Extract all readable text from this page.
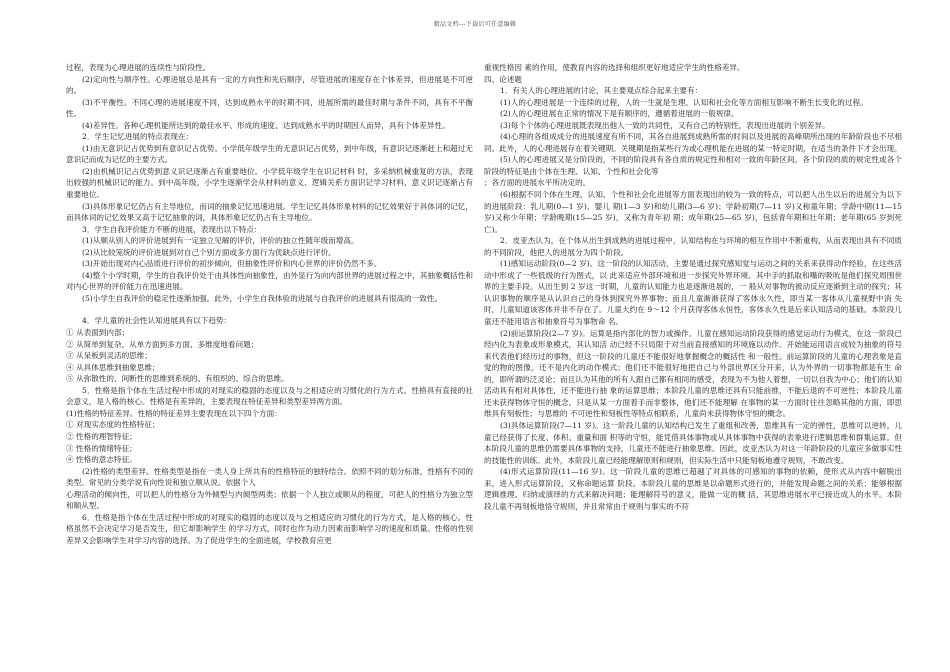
精品文档---下载后可任意编辑

过程，表现为心理进展的连续性与阶段性。

(2)定向性与顺序性。心理进展总是具有一定的方向性和先后顺序，尽管进展的速度存在个体差异，但进展是不可逆的。

(3)不平衡性。不同心理的进展速度不同，达到成熟水平的时期不同，进展所需的最佳时期与条件不同，具有不平衡性。

(4)差异性。各种心理机能所达到的最佳水平、形成的速度、达到成熟水平的时期因人而异，具有个体差异性。

2．学生记忆进展的特点表现在：

(1)由无意识记占优势到有意识记占优势。小学低年级学生的无意识记占优势，到中年级，有意识记逐渐赶上和超过无意识记而成为记忆的主要方式。

(2)由机械识记占优势到意义识记逐渐占有重要地位。小学低年级学生在识记材料 时，多采纳机械重复的方法，表现出较强的机械识记的能力。到中高年级，小学生逐渐学会从材料的意义、逻辑关系方面识记学习材料，意义识记逐渐占有重要地位。

(3)具体形象记忆仍占有主导地位，而词的抽象记忆迅速进展。学生记忆具体形象材料的记忆效果好于具体词的记忆，而具体词的记忆效果又高于记忆抽象的词，具体形象记忆仍占有主导地位。

3．学生自我评价能力不断的进展，表现出以下特点：

(1)从顺从别人的评价进展到有一定独立见解的评价，评价的独立性随年级而增高。

(2)从比较笼统的评价进展到对自己个别方面或多方面行为优缺点进行评价。

(3)开始出现对内心品质进行评价的初步倾向，但抽象性评价和内心世界的评价仍然不多。

(4)整个小学时期，学生的自我评价处于由具体性向抽象性，由外显行为向内部世界的进展过程之中，其抽象概括性和对内心世界的评价能力在迅速进展。

(5)小学生自我评价的稳定性逐渐加强。此外，小学生自我体验的进展与自我评价的进展具有很高的一致性。

4．学儿童的社会性认知进展具有以下趋势：

① 从表面到内部；

② 从简单到复杂，从单方面到多方面、多维度地看问题；

③ 从呆板到灵活的思维；

④ 从具体思维到抽象思维；

⑤ 从弥散性的、间断性的思维到系统的、有组织的、综合的思维。

5．性格是指个体在生活过程中形成的对现实的稳固的态度以及与之相适应的习惯化的行为方式。性格具有直接的社会意义，是人格的核心。性格是有差异的，主要表现在特征差异和类型差异两方面。

(1)性格的特征差异。性格的特征差异主要表现在以下四个方面：

① 对现实态度的性格特征；

② 性格的理智特征；

③ 性格的情绪特征；

④ 性格的意志特征。

(2)性格的类型差异。性格类型是指在一类人身上所共有的性格特征的独特结合。依照不同的划分标准，性格有不同的类型。常见的分类学说有向性说和独立顺从说。依据个人

心理活动的倾向性，可以把人的性格分为外倾型与内倾型两类；依据一个人独立或顺从的程度，可把人的性格分为独立型和顺从型。

6．性格是指个体在生活过程中形成的对现实的稳固的态度以及与之相适应的习惯化的行为方式，是人格的核心。性格虽然不会决定学习是否发生，但它却影响学生 的学习方式，同时也作为动力因素而影响学习的速度和质量。性格的性别差异又会影响学生对学习内容的选择。为了促进学生的全面进展，学校教育应更

重视性格因 素的作用，使教育内容的选择和组织更好地适应学生的性格差异。

四、论述题

1．有关人的心理进展的讨论，其主要观点综合起来主要有：

(1)人的心理进展是一个连续的过程，人的一生就是生理、认知和社会化等方面相互影响不断生长变化的过程。

(2)人的心理进展在正常的情况下是有顺序的，遵循着进展的一般规律。

(3)每个个体的心理进展既表现出他人一致的共同性，又有自己的特别性，表现出进展的个别差异。

(4)心理的各组成成分的进展速度有所不同，其各自进展到成熟所需的时间以及进展的高峰期所出现的年龄阶段也不尽相同。此外，人的心理进展存在着关键期。关键期是指某些行为或心理机能在进展的某一特定时期，在适当的条件下才会出现。

(5)人的心理进展又是分阶段的，不同的阶段具有各自质的规定性和相对一致的年龄区间。各个阶段的质的规定性或各个阶段的特征是由个体在生理、认知、个性和社会化等

；各方面的进展水平所决定的。

(6)根据不同个体在生理、认知、个性和社会化进展等方面表现出的较为一致的特点，可以把人出生以后的进展分为以下的进展阶段：乳儿期(0—1 岁)、婴儿 期(1—3 岁)和幼儿期(3—6 岁)；学龄初期(7—11 岁)又称童年期；学龄中期(11—15 岁)又称少年期；学龄晚期(15—25 岁)，又称为青年初 期；成年期(25—65 岁)，包括青年期和壮年期；老年期(65 岁到死亡)。

2．皮亚杰认为，在个体从出生到成熟的进展过程中，认知结构在与环境的相互作用中不断重构，从而表现出具有不同质的不同阶段，他把人的进展分为四个阶段。

(1)感知运动阶段(0—2 岁)。这一阶段的认知活动，主要是通过探究感知觉与运动之间的关系来获得动作经验，在这些活动中形成了一些低级的行为图式，以 此来适应外部环境和进一步探究外界环境。其中手的抓取和嘴的吸吮是他们探究周围世界的主要手段。从出生到 2 岁这一时期，儿童的认知能力也是逐渐进展的，一 般从对事物的被动反应逐渐到主动的探究；其认识事物的顺序是从认识自己的身体到探究外界事物；而且儿童渐渐获得了客体永久性，即当某一客体从儿童视野中消 失时，儿童知道该客体并非不存在了。儿童大约在 9～12 个月获得客体永恒性，客体永久性是后来认知活动的基础。本阶段儿童还不能用语言和抽象符号为事物命 名。

(2)前运算阶段(2—7 岁)。运算是指内部化的智力或操作。儿童在感知运动阶段获得的感觉运动行为模式，在这一阶段已经内化为表象或形象模式，其认知活 动已经不只局限于对当前直接感知的环境施以动作。开始能运用语言或较为抽象的符号来代表他们经历过的事物，但这一阶段的儿童还不能很好地掌握概念的概括性 和一般性。前运算阶段的儿童的心理表象是直觉的物的图像，还不是内化的动作模式；他们还不能很好地把自己与外部世界区分开来，认为外界的一切事物都是有生 命的，即所谓的泛灵论；而且认为其他的所有人跟自己都有相同的感受，表现为不为他人着想，一切以自我为中心；他们的认知活动具有相对具体性，还不能进行抽 象的运算思维；本阶段儿童的思维还具有只能前推，不能后退的不可逆性；本阶段儿童还未获得物体守恒的概念，只是从某一方面着手而非整体，他们还不能理解 在事物的某一方面时往往忽略其他的方面，即思维具有刻板性；与思维的 不可逆性和刻板性等特点相联系，儿童尚未获得物体守恒的概念。

(3)具体运算阶段(7—11 岁)。这一阶段儿童的认知结构已发生了重组和改善，思维具有一定的弹性，思维可以逆转，儿童已经获得了长度、体积、重量和面 积等的守恒，能凭借具体事物或从具体事物中获得的表象进行逻辑思维和群集运算。但本阶段儿童的思维仍需要具体事物的支持，儿童还不能进行抽象思维。因此，皮亚杰认为对这一年龄阶段的儿童应多做事实性的技能性的训练。此外，本阶段儿童已经能理解原则和规则，但实际生活中只能刻板地遵守规则，不敢改变。

(4)形式运算阶段(11—16 岁)。这一阶段儿童的思维已超越了对具体的可感知的事物的依赖，使形式从内容中解脱出来，进入形式运算阶段，又称命题运算 阶段。本阶段儿童的思维是以命题形式进行的，并能发现命题之间的关系；能够根据逻辑推理、归纳或演绎的方式来解决问题；能理解符号的意义，能做一定的概 括，其思维进展水平已接近成人的水平。本阶段儿童不再刻板地恪守规则，并且常常由于规则与事实的不符
